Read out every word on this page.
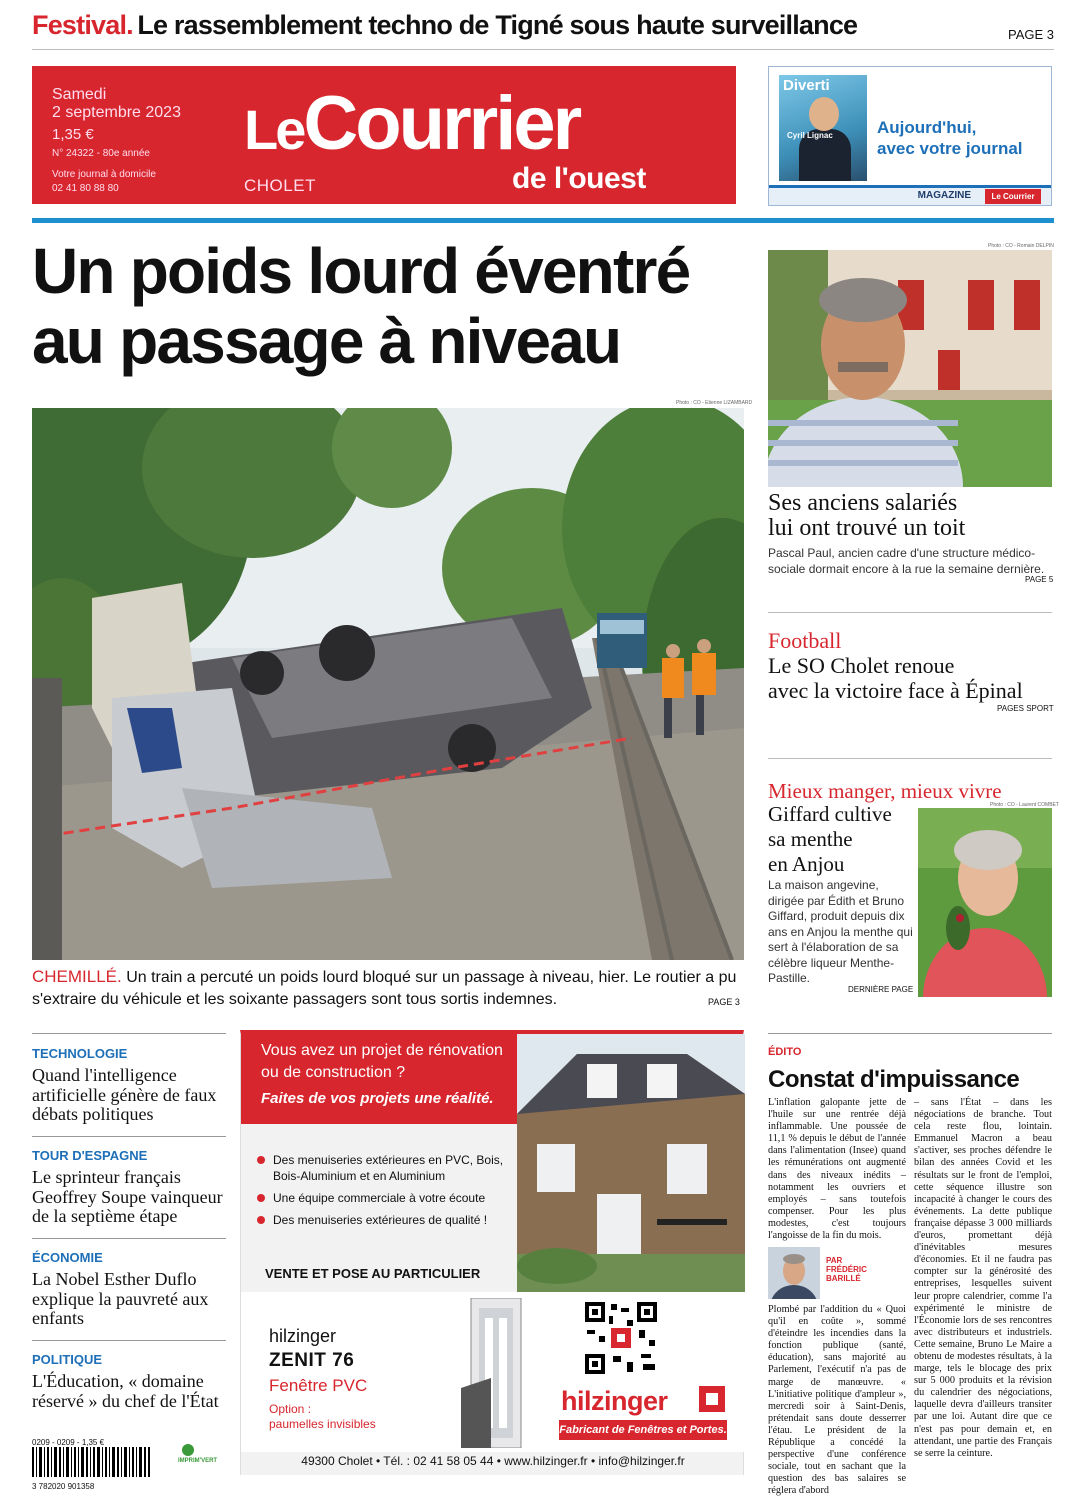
Festival. Le rassemblement techno de Tigné sous haute surveillance	PAGE 3
Samedi
2 septembre 2023
1,35 €
N° 24322 - 80e année
Votre journal à domicile
02 41 80 88 80
LeCourrier
de l'ouest
CHOLET
Diverti
Cyril Lignac	Aujourd'hui,
avec votre journal
MAGAZINE	Le Courrier
Un poids lourd éventré
au passage à niveau
Photo : CO - Etienne LIZAMBARD
CHEMILLÉ. Un train a percuté un poids lourd bloqué sur un passage à niveau, hier. Le routier a pu s'extraire du véhicule et les soixante passagers sont tous sortis indemnes.	PAGE 3
Photo : CO - Romain DELPIN
Ses anciens salariés
lui ont trouvé un toit
Pascal Paul, ancien cadre d'une structure médico-sociale dormait encore à la rue la semaine dernière.
PAGE 5
Football
Le SO Cholet renoue
avec la victoire face à Épinal
PAGES SPORT
Mieux manger, mieux vivre
Giffard cultive
sa menthe
en Anjou
La maison angevine, dirigée par Édith et Bruno Giffard, produit depuis dix ans en Anjou la menthe qui sert à l'élaboration de sa célèbre liqueur Menthe-Pastille.
DERNIÈRE PAGE
Photo : CO - Laurent COMBET
TECHNOLOGIE
Quand l'intelligence artificielle génère de faux débats politiques
TOUR D'ESPAGNE
Le sprinteur français Geoffrey Soupe vainqueur de la septième étape
ÉCONOMIE
La Nobel Esther Duflo explique la pauvreté aux enfants
POLITIQUE
L'Éducation, « domaine réservé » du chef de l'État
0209 - 0209 - 1,35 €
3 782020 901358
IMPRIM'VERT
Vous avez un projet de rénovation ou de construction ?
Faites de vos projets une réalité.
Des menuiseries extérieures en PVC, Bois, Bois-Aluminium et en Aluminium
Une équipe commerciale à votre écoute
Des menuiseries extérieures de qualité !
VENTE ET POSE AU PARTICULIER
hilzinger
ZENIT 76
Fenêtre PVC
Option :
paumelles invisibles
hilzinger
Fabricant de Fenêtres et Portes.
49300 Cholet • Tél. : 02 41 58 05 44 • www.hilzinger.fr • info@hilzinger.fr
ÉDITO
Constat d'impuissance
L'inflation galopante jette de l'huile sur une rentrée déjà inflammable. Une poussée de 11,1 % depuis le début de l'année dans l'alimentation (Insee) quand les rémunérations ont augmenté dans des niveaux inédits – notamment les ouvriers et employés – sans toutefois compenser. Pour les plus modestes, c'est toujours l'angoisse de la fin du mois.
PAR
FRÉDÉRIC
BARILLÉ
Plombé par l'addition du « Quoi qu'il en coûte », sommé d'éteindre les incendies dans la fonction publique (santé, éducation), sans majorité au Parlement, l'exécutif n'a pas de marge de manœuvre. « L'initiative politique d'ampleur », mercredi soir à Saint-Denis, prétendait sans doute desserrer l'étau. Le président de la République a concédé la perspective d'une conférence sociale, tout en sachant que la question des bas salaires se réglera d'abord
– sans l'État – dans les négociations de branche. Tout cela reste flou, lointain. Emmanuel Macron a beau s'activer, ses proches défendre le bilan des années Covid et les résultats sur le front de l'emploi, cette séquence illustre son incapacité à changer le cours des événements. La dette publique française dépasse 3 000 milliards d'euros, promettant déjà d'inévitables mesures d'économies. Et il ne faudra pas compter sur la générosité des entreprises, lesquelles suivent leur propre calendrier, comme l'a expérimenté le ministre de l'Économie lors de ses rencontres avec distributeurs et industriels. Cette semaine, Bruno Le Maire a obtenu de modestes résultats, à la marge, tels le blocage des prix sur 5 000 produits et la révision du calendrier des négociations, laquelle devra d'ailleurs transiter par une loi. Autant dire que ce n'est pas pour demain et, en attendant, une partie des Français se serre la ceinture.
